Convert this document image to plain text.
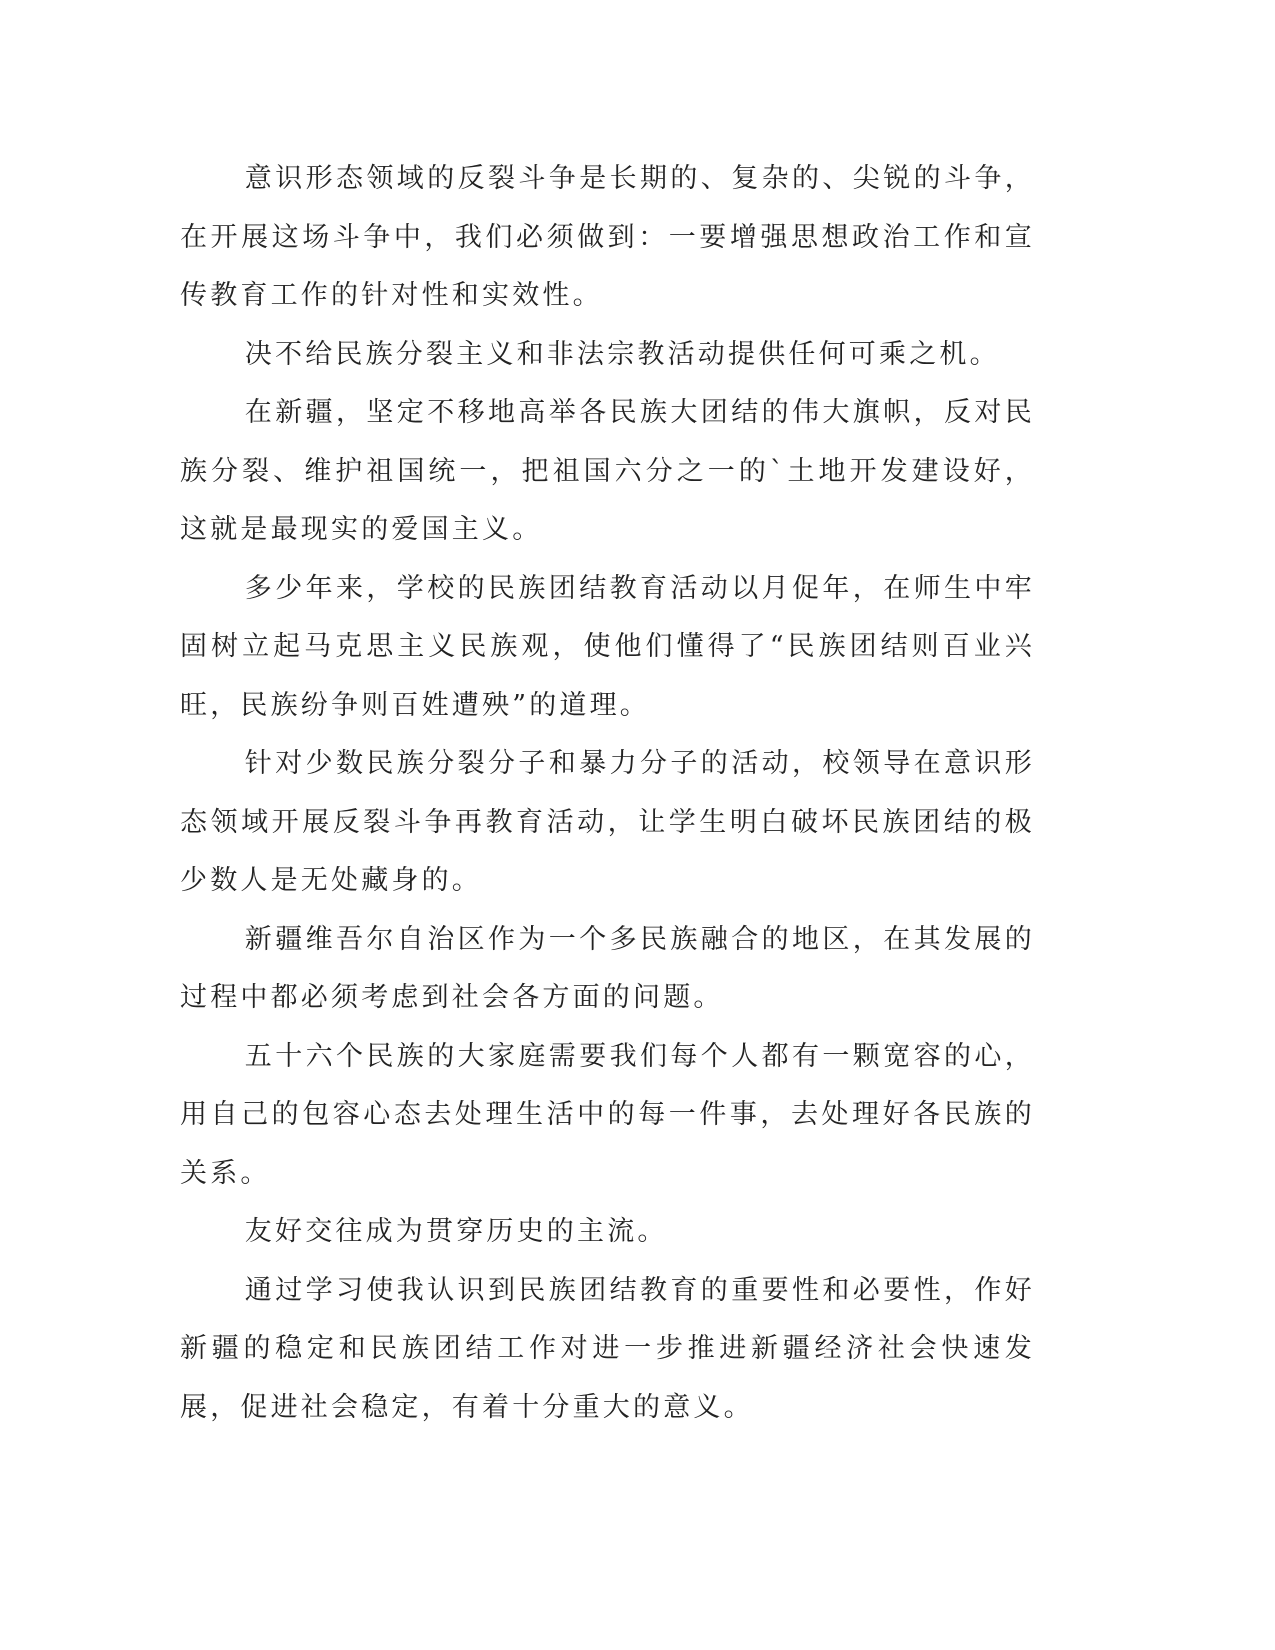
意识形态领域的反裂斗争是长期的、复杂的、尖锐的斗争，在开展这场斗争中，我们必须做到：一要增强思想政治工作和宣传教育工作的针对性和实效性。

决不给民族分裂主义和非法宗教活动提供任何可乘之机。

在新疆，坚定不移地高举各民族大团结的伟大旗帜，反对民族分裂、维护祖国统一，把祖国六分之一的`土地开发建设好，这就是最现实的爱国主义。

多少年来，学校的民族团结教育活动以月促年，在师生中牢固树立起马克思主义民族观，使他们懂得了“民族团结则百业兴旺，民族纷争则百姓遭殃”的道理。

针对少数民族分裂分子和暴力分子的活动，校领导在意识形态领域开展反裂斗争再教育活动，让学生明白破坏民族团结的极少数人是无处藏身的。

新疆维吾尔自治区作为一个多民族融合的地区，在其发展的过程中都必须考虑到社会各方面的问题。

五十六个民族的大家庭需要我们每个人都有一颗宽容的心，用自己的包容心态去处理生活中的每一件事，去处理好各民族的关系。

友好交往成为贯穿历史的主流。

通过学习使我认识到民族团结教育的重要性和必要性，作好新疆的稳定和民族团结工作对进一步推进新疆经济社会快速发展，促进社会稳定，有着十分重大的意义。
